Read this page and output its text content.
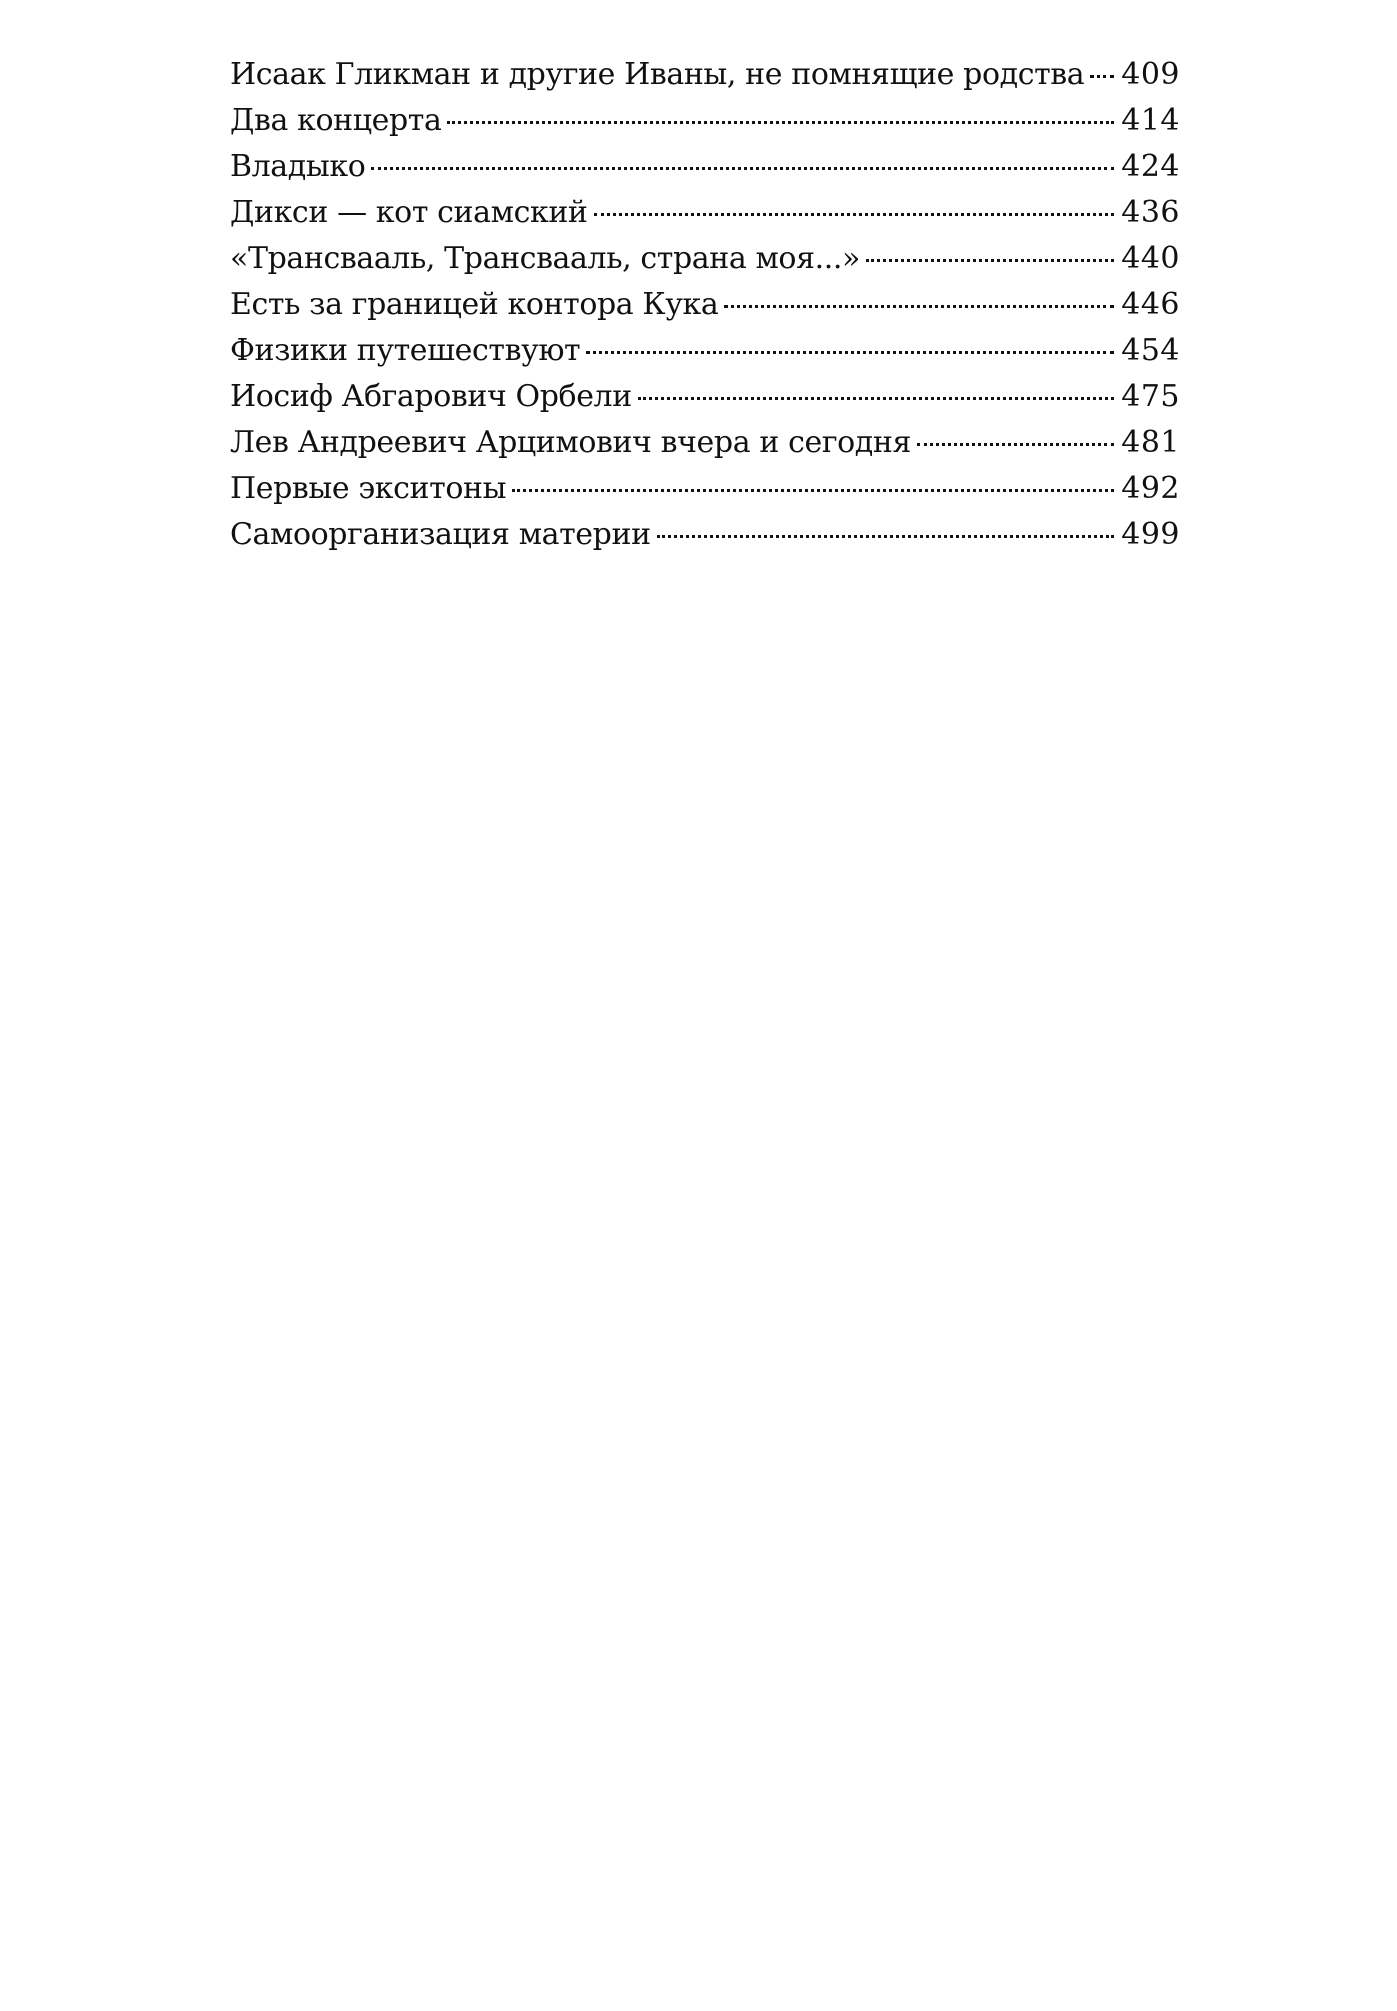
Исаак Гликман и другие Иваны, не помнящие родства 409
Два концерта	414
Владыко	424
Дикси — кот сиамский	436
«Трансвааль, Трансвааль, страна моя...»	440
Есть за границей контора Кука	446
Физики путешествуют	454
Иосиф Абгарович Орбели	475
Лев Андреевич Арцимович вчера и сегодня	481
Первые экситоны	492
Самоорганизация материи	499
